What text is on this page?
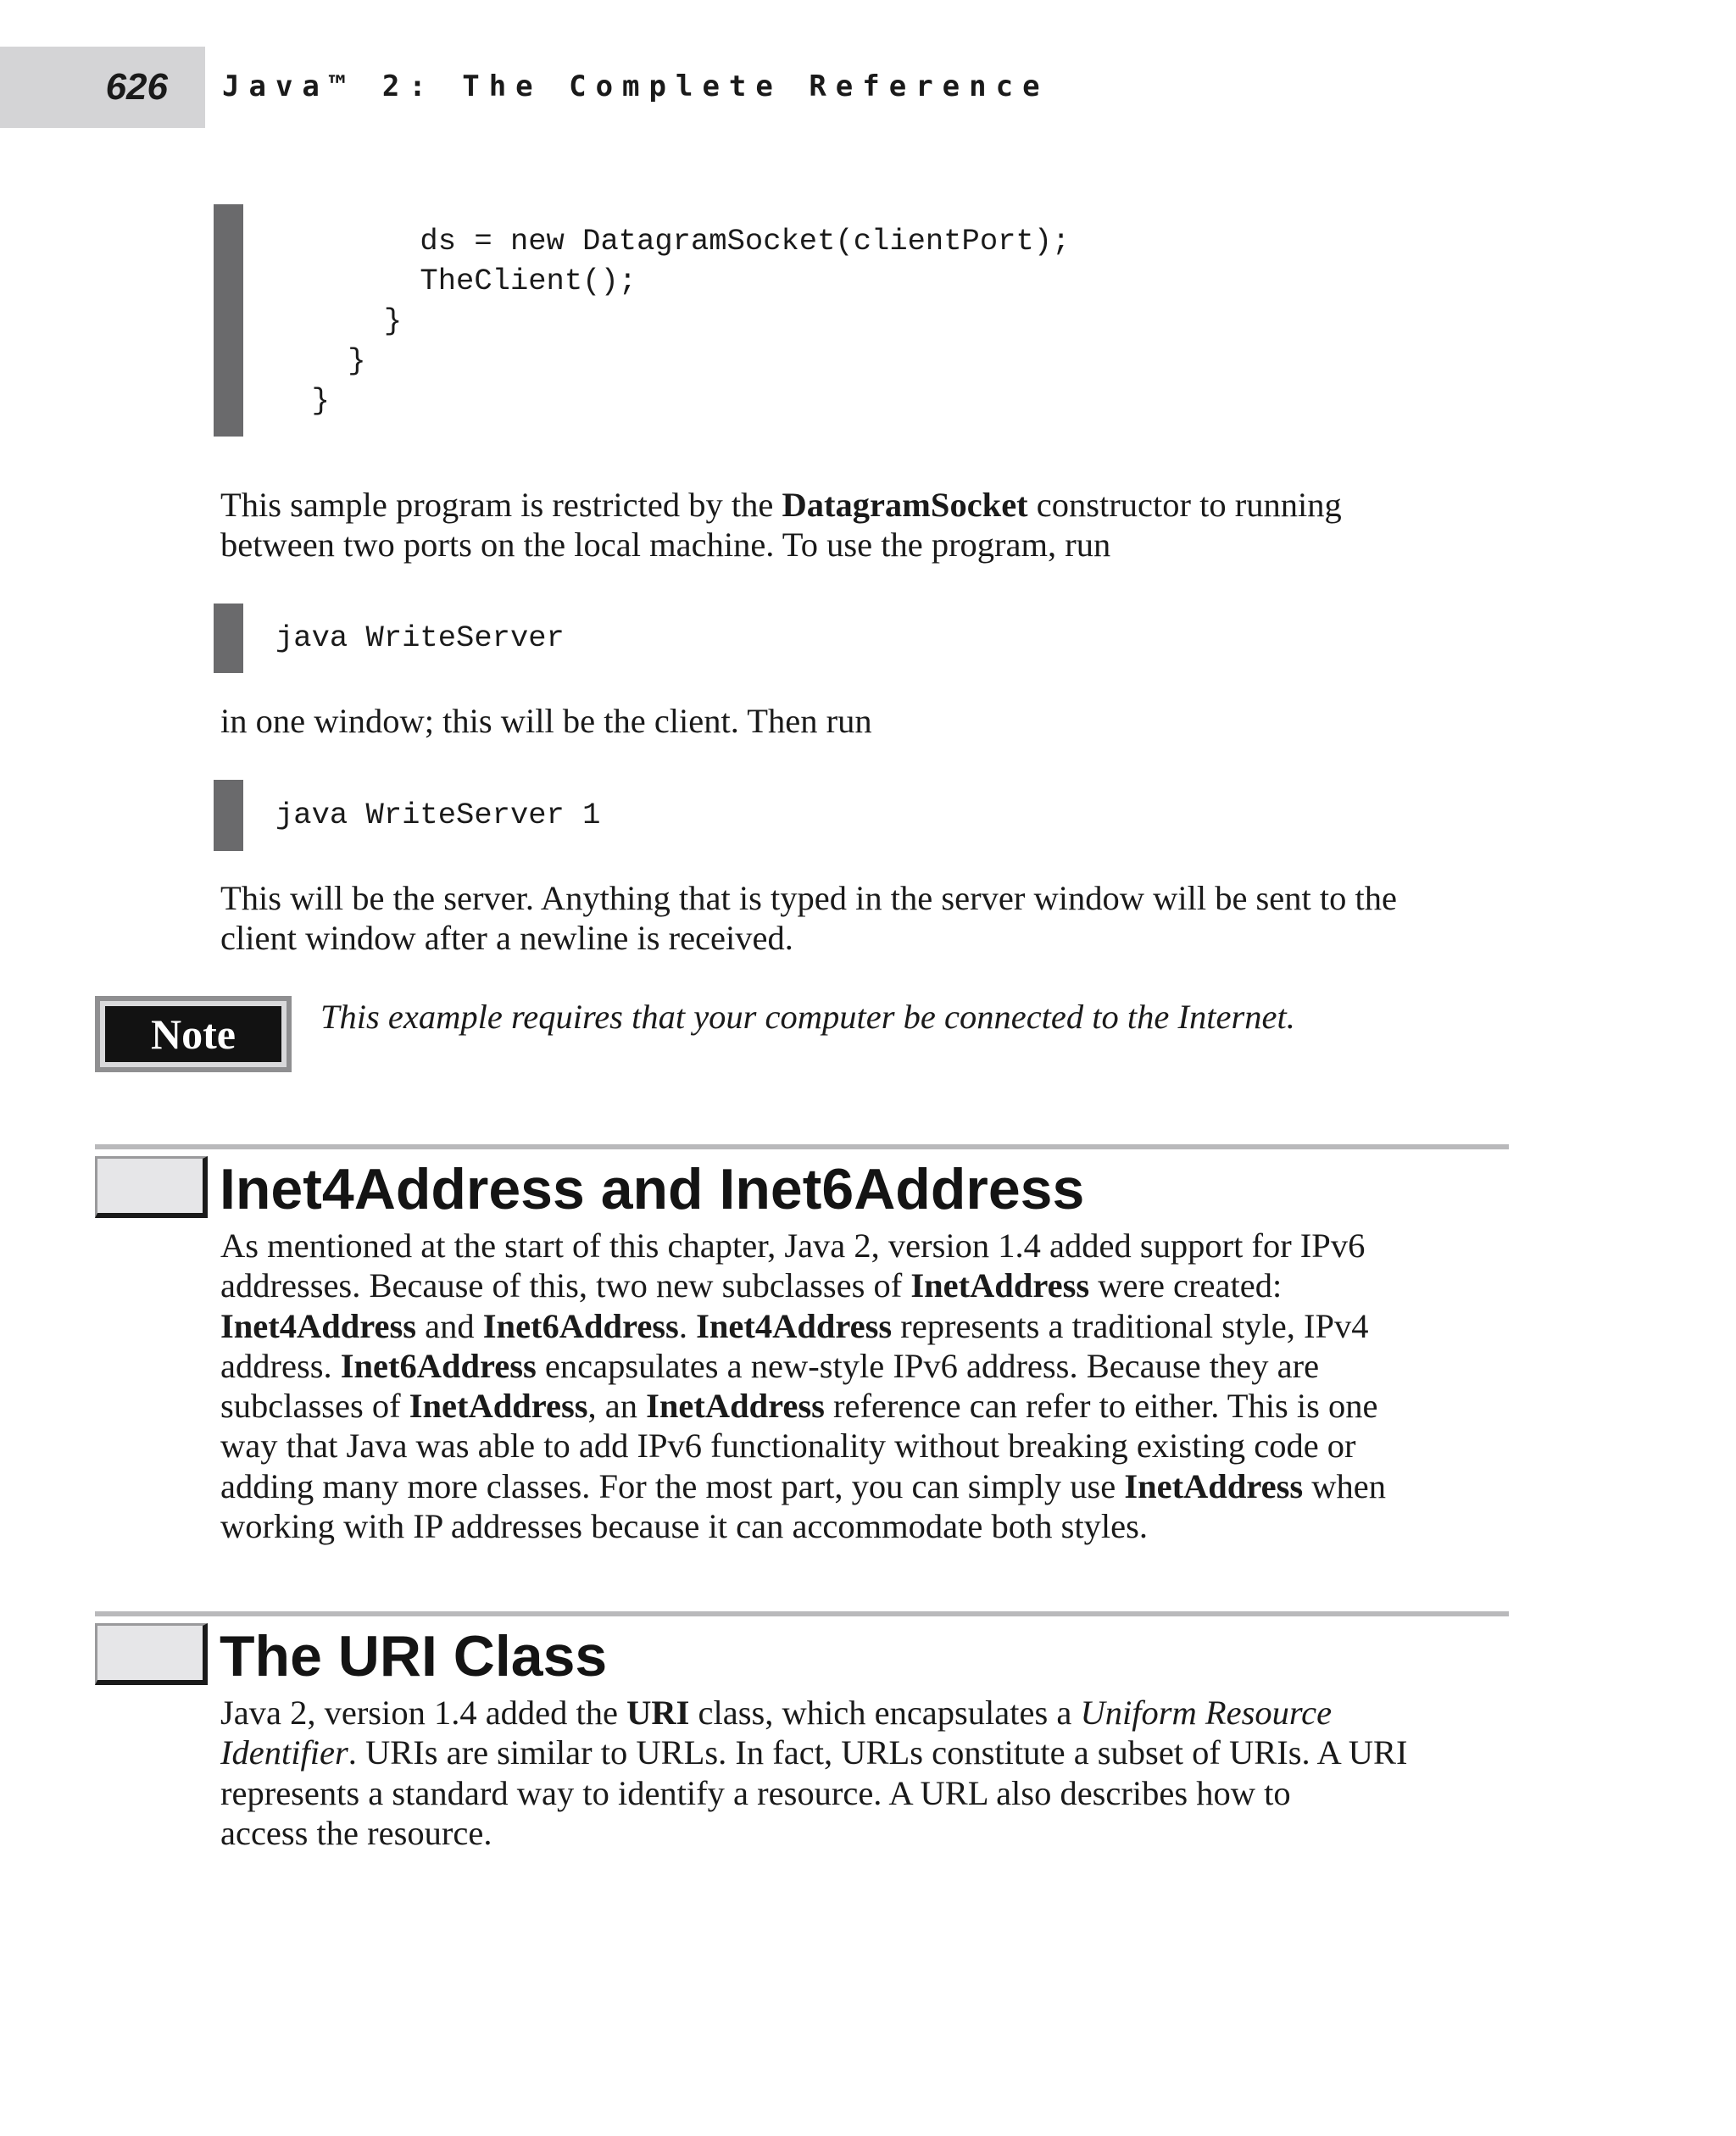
626 Java™ 2: The Complete Reference
ds = new DatagramSocket(clientPort);
TheClient();
}
}
}

This sample program is restricted by the DatagramSocket constructor to running
between two ports on the local machine. To use the program, run

java WriteServer

in one window; this will be the client. Then run

java WriteServer 1

This will be the server. Anything that is typed in the server window will be sent to the
client window after a newline is received.

Note	This example requires that your computer be connected to the Internet.

Inet4Address and Inet6Address

As mentioned at the start of this chapter, Java 2, version 1.4 added support for IPv6
addresses. Because of this, two new subclasses of InetAddress were created:
Inet4Address and Inet6Address. Inet4Address represents a traditional style, IPv4
address. Inet6Address encapsulates a new-style IPv6 address. Because they are
subclasses of InetAddress, an InetAddress reference can refer to either. This is one
way that Java was able to add IPv6 functionality without breaking existing code or
adding many more classes. For the most part, you can simply use InetAddress when
working with IP addresses because it can accommodate both styles.

The URI Class

Java 2, version 1.4 added the URI class, which encapsulates a Uniform Resource
Identifier. URIs are similar to URLs. In fact, URLs constitute a subset of URIs. A URI
represents a standard way to identify a resource. A URL also describes how to
access the resource.
